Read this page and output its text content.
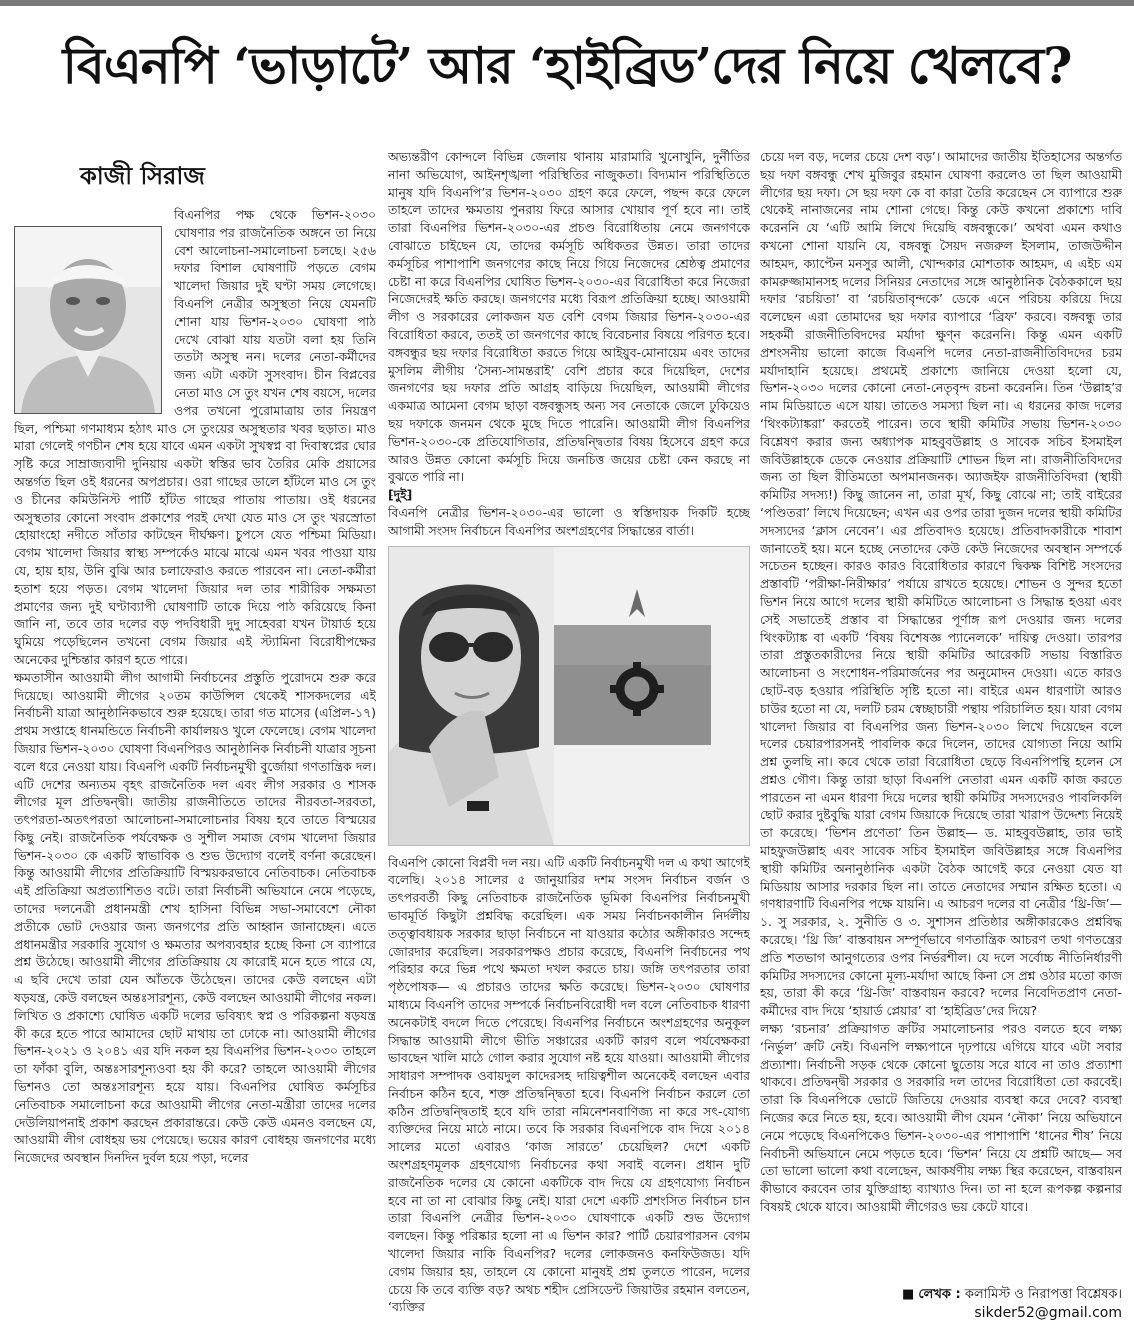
বিএনপি ‘ভাড়াটে’ আর ‘হাইব্রিড’দের নিয়ে খেলবে?
কাজী সিরাজ

বিএনপির পক্ষ থেকে ভিশন-২০৩০ ঘোষণার পর রাজনৈতিক অঙ্গনে তা নিয়ে বেশ আলোচনা-সমালোচনা চলছে। ২৫৬ দফার বিশাল ঘোষণাটি পড়তে বেগম খালেদা জিয়ার দুই ঘণ্টা সময় লেগেছে। বিএনপি নেত্রীর অসুস্থতা নিয়ে যেমনটি শোনা যায় ভিশন-২০৩০ ঘোষণা পাঠ দেখে বোঝা যায় যতটা বলা হয় তিনি ততটা অসুস্থ নন। দলের নেতা-কর্মীদের জন্য এটা একটা সুসংবাদ। চীন বিপ্লবের নেতা মাও সে তুং যখন শেষ বয়সে, দলের ওপর তখনো পুরোমাত্রায় তার নিয়ন্ত্রণ ছিল, পশ্চিমা গণমাধ্যম হঠাৎ মাও সে তুংয়ের অসুস্থতার খবর ছড়াত। মাও মারা গেলেই গণচীন শেষ হয়ে যাবে এমন একটা সুখস্বপ্ন বা দিবাস্বপ্নের ঘোর সৃষ্টি করে সাম্রাজ্যবাদী দুনিয়ায় একটা স্বস্তির ভাব তৈরির মেকি প্রয়াসের অন্তর্গত ছিল ওই ধরনের অপপ্রচার। ওরা গাছের ডালে হাঁটলে মাও সে তুং ও চীনের কমিউনিস্ট পার্টি হাঁটত গাছের পাতায় পাতায়। ওই ধরনের অসুস্থতার কোনো সংবাদ প্রকাশের পরই দেখা যেত মাও সে তুং খরস্রোতা হোয়াংহো নদীতে সাঁতার কাটছেন দীর্ঘক্ষণ। চুপসে যেত পশ্চিমা মিডিয়া। বেগম খালেদা জিয়ার স্বাস্থ্য সম্পর্কেও মাঝে মাঝে এমন খবর পাওয়া যায় যে, হায় হায়, উনি বুঝি আর চলাফেরাও করতে পারবেন না। নেতা-কর্মীরা হতাশ হয়ে পড়ত। বেগম খালেদা জিয়ার দল তার শারীরিক সক্ষমতা প্রমাণের জন্য দুই ঘণ্টাব্যাপী ঘোষণাটি তাকে দিয়ে পাঠ করিয়েছে কিনা জানি না, তবে তার দলের বড় পদবিধারী দুদু সাহেবরা যখন টায়ার্ড হয়ে ঘুমিয়ে পড়েছিলেন তখনো বেগম জিয়ার এই স্ট্যামিনা বিরোধীপক্ষের অনেকের দুশ্চিন্তার কারণ হতে পারে।

ক্ষমতাসীন আওয়ামী লীগ আগামী নির্বাচনের প্রস্তুতি পুরোদমে শুরু করে দিয়েছে। আওয়ামী লীগের ২০তম কাউন্সিল থেকেই শাসকদলের এই নির্বাচনী যাত্রা আনুষ্ঠানিকভাবে শুরু হয়েছে। তারা গত মাসের (এপ্রিল-১৭) প্রথম সপ্তাহে ধানমন্ডিতে নির্বাচনী কার্যালয়ও খুলে ফেলেছে। বেগম খালেদা জিয়ার ভিশন-২০৩০ ঘোষণা বিএনপিরও আনুষ্ঠানিক নির্বাচনী যাত্রার সূচনা বলে ধরে নেওয়া যায়। বিএনপি একটি নির্বাচনমুখী বুর্জোয়া গণতান্ত্রিক দল। এটি দেশের অন্যতম বৃহৎ রাজনৈতিক দল এবং লীগ সরকার ও শাসক লীগের মূল প্রতিদ্বন্দ্বী। জাতীয় রাজনীতিতে তাদের নীরবতা-সরবতা, তৎপরতা-অতৎপরতা আলোচনা-সমালোচনার বিষয় হবে তাতে বিস্ময়ের কিছু নেই। রাজনৈতিক পর্যবেক্ষক ও সুশীল সমাজ বেগম খালেদা জিয়ার ভিশন-২০৩০ কে একটি স্বাভাবিক ও শুভ উদ্যোগ বলেই বর্ণনা করেছেন। কিন্তু আওয়ামী লীগের প্রতিক্রিয়াটি বিস্ময়করভাবে নেতিবাচক। নেতিবাচক এই প্রতিক্রিয়া অপ্রত্যাশিতও বটে। তারা নির্বাচনী অভিযানে নেমে পড়েছে, তাদের দলনেত্রী প্রধানমন্ত্রী শেখ হাসিনা বিভিন্ন সভা-সমাবেশে নৌকা প্রতীকে ভোট দেওয়ার জন্য জনগণের প্রতি আহ্বান জানাচ্ছেন। এতে প্রধানমন্ত্রীর সরকারি সুযোগ ও ক্ষমতার অপব্যবহার হচ্ছে কিনা সে ব্যাপারে প্রশ্ন উঠেছে। আওয়ামী লীগের প্রতিক্রিয়ায় যে কারোই মনে হতে পারে যে, এ ছবি দেখে তারা যেন আঁতকে উঠেছেন। তাদের কেউ বলছেন এটা ষড়যন্ত্র, কেউ বলছেন অন্তঃসারশূন্য, কেউ বলছেন আওয়ামী লীগের নকল। লিখিত ও প্রকাশ্যে ঘোষিত একটি দলের ভবিষ্যৎ স্বপ্ন ও পরিকল্পনা ষড়যন্ত্র কী করে হতে পারে আমাদের ছোট মাথায় তা ঢোকে না। আওয়ামী লীগের ভিশন-২০২১ ও ২০৪১ এর যদি নকল হয় বিএনপির ভিশন-২০৩০ তাহলে তা ফাঁকা বুলি, অন্তঃসারশূন্যওবা হয় কী করে? তাহলে আওয়ামী লীগের ভিশনও তো অন্তঃসারশূন্য হয়ে যায়। বিএনপির ঘোষিত কর্মসূচির নেতিবাচক সমালোচনা করে আওয়ামী লীগের নেতা-মন্ত্রীরা তাদের দলের দেউলিয়াপনাই প্রকাশ করছেন প্রকারান্তরে। কেউ কেউ এমনও বলছেন যে, আওয়ামী লীগ বোধহয় ভয় পেয়েছে। ভয়ের কারণ বোধহয় জনগণের মধ্যে নিজেদের অবস্থান দিনদিন দুর্বল হয়ে পড়া, দলের

অভ্যন্তরীণ কোন্দলে বিভিন্ন জেলায় থানায় মারামারি খুনোখুনি, দুর্নীতির নানা অভিযোগ, আইনশৃঙ্খলা পরিস্থিতির নাজুকতা। বিদ্যমান পরিস্থিতিতে মানুষ যদি বিএনপি’র ভিশন-২০৩০ গ্রহণ করে ফেলে, পছন্দ করে ফেলে তাহলে তাদের ক্ষমতায় পুনরায় ফিরে আসার খোয়াব পূর্ণ হবে না। তাই তারা বিএনপির ভিশন-২০৩০-এর প্রচণ্ড বিরোধিতায় নেমে জনগণকে বোঝাতে চাইছেন যে, তাদের কর্মসূচি অধিকতর উন্নত। তারা তাদের কর্মসূচির পাশাপাশি জনগণের কাছে নিয়ে গিয়ে নিজেদের শ্রেষ্ঠত্ব প্রমাণের চেষ্টা না করে বিএনপির ঘোষিত ভিশন-২০৩০-এর বিরোধিতা করে নিজেরা নিজেদেরই ক্ষতি করছে। জনগণের মধ্যে বিরূপ প্রতিক্রিয়া হচ্ছে। আওয়ামী লীগ ও সরকারের লোকজন যত বেশি বেগম জিয়ার ভিশন-২০৩০-এর বিরোধিতা করবে, ততই তা জনগণের কাছে বিবেচনার বিষয়ে পরিণত হবে। বঙ্গবন্ধুর ছয় দফার বিরোধিতা করতে গিয়ে আইয়ুব-মোনায়েম এবং তাদের মুসলিম লীগীয় ‘সৈন্য-সামন্তরাই’ বেশি প্রচার করে দিয়েছিল, দেশের জনগণের ছয় দফার প্রতি আগ্রহ বাড়িয়ে দিয়েছিল, আওয়ামী লীগের একমাত্র আমেনা বেগম ছাড়া বঙ্গবন্ধুসহ অন্য সব নেতাকে জেলে ঢুকিয়েও ছয় দফাকে জনমন থেকে মুছে দিতে পারেনি। আওয়ামী লীগ বিএনপির ভিশন-২০৩০-কে প্রতিযোগিতার, প্রতিদ্বন্দ্বিতার বিষয় হিসেবে গ্রহণ করে আরও উন্নত কোনো কর্মসূচি দিয়ে জনচিত্ত জয়ের চেষ্টা কেন করছে না বুঝতে পারি না।

⁅দুই⁆

বিএনপি নেত্রীর ভিশন-২০৩০-এর ভালো ও স্বস্তিদায়ক দিকটি হচ্ছে আগামী সংসদ নির্বাচনে বিএনপির অংশগ্রহণের সিদ্ধান্তের বার্তা।

বিএনপি কোনো বিপ্লবী দল নয়। এটি একটি নির্বাচনমুখী দল এ কথা আগেই বলেছি। ২০১৪ সালের ৫ জানুয়ারির দশম সংসদ নির্বাচন বর্জন ও তৎপরবর্তী কিছু নেতিবাচক রাজনৈতিক ভূমিকা বিএনপির নির্বাচনমুখী ভাবমূর্তি কিছুটা প্রশ্নবিদ্ধ করেছিল। এক সময় নির্বাচনকালীন নির্দলীয় তত্ত্বাবধায়ক সরকার ছাড়া নির্বাচনে না যাওয়ার কঠোর অঙ্গীকারও সন্দেহ জোরদার করেছিল। সরকারপক্ষও প্রচার করেছে, বিএনপি নির্বাচনের পথ পরিহার করে ভিন্ন পথে ক্ষমতা দখল করতে চায়। জঙ্গি তৎপরতার তারা পৃষ্ঠপোষক— এ প্রচারও তাদের ক্ষতি করেছে। ভিশন-২০৩০ ঘোষণার মাধ্যমে বিএনপি তাদের সম্পর্কে নির্বাচনবিরোধী দল বলে নেতিবাচক ধারণা অনেকটাই বদলে দিতে পেরেছে। বিএনপির নির্বাচনে অংশগ্রহণের অনুকূল সিদ্ধান্ত আওয়ামী লীগে ভীতি সঞ্চারের একটি কারণ বলে পর্যবেক্ষকরা ভাবছেন খালি মাঠে গোল করার সুযোগ নষ্ট হয়ে যাওয়া। আওয়ামী লীগের সাধারণ সম্পাদক ওবায়দুল কাদেরসহ দায়িত্বশীল অনেকেই বলছেন এবার নির্বাচন কঠিন হবে, শক্ত প্রতিদ্বন্দ্বিতা হবে। বিএনপি নির্বাচন করলে তো কঠিন প্রতিদ্বন্দ্বিতাই হবে যদি তারা নমিনেশনবাণিজ্য না করে সৎ-যোগ্য ব্যক্তিদের নিয়ে মাঠে নামে। তবে কি সরকার বিএনপিকে বাদ দিয়ে ২০১৪ সালের মতো এবারও ‘কাজ সারতে’ চেয়েছিল? দেশে একটি অংশগ্রহণমূলক গ্রহণযোগ্য নির্বাচনের কথা সবাই বলেন। প্রধান দুটি রাজনৈতিক দলের যে কোনো একটিকে বাদ দিয়ে যে গ্রহণযোগ্য নির্বাচন হবে না তা না বোঝার কিছু নেই। যারা দেশে একটি প্রশংসিত নির্বাচন চান তারা বিএনপি নেত্রীর ভিশন-২০৩০ ঘোষণাকে একটি শুভ উদ্যোগ বলছেন। কিন্তু পরিষ্কার হলো না এ ভিশন কার? পার্টি চেয়ারপারসন বেগম খালেদা জিয়ার নাকি বিএনপির? দলের লোকজনও কনফিউজড। যদি বেগম জিয়ার হয়, তাহলে যে কোনো মানুষই প্রশ্ন তুলতে পারেন, দলের চেয়ে কি তবে ব্যক্তি বড়? অথচ শহীদ প্রেসিডেন্ট জিয়াউর রহমান বলতেন, ‘ব্যক্তির

চেয়ে দল বড়, দলের চেয়ে দেশ বড়’। আমাদের জাতীয় ইতিহাসের অন্তর্গত ছয় দফা বঙ্গবন্ধু শেখ মুজিবুর রহমান ঘোষণা করলেও তা ছিল আওয়ামী লীগের ছয় দফা। সে ছয় দফা কে বা কারা তৈরি করেছেন সে ব্যাপারে শুরু থেকেই নানাজনের নাম শোনা গেছে। কিন্তু কেউ কখনো প্রকাশ্যে দাবি করেননি যে ‘এটি আমি লিখে দিয়েছি বঙ্গবন্ধুকে।’ অথবা এমন কথাও কখনো শোনা যায়নি যে, বঙ্গবন্ধু সৈয়দ নজরুল ইসলাম, তাজউদ্দীন আহমদ, ক্যাপ্টেন মনসুর আলী, খোন্দকার মোশতাক আহমদ, এ এইচ এম কামরুজ্জামানসহ দলের সিনিয়র নেতাদের সঙ্গে আনুষ্ঠানিক বৈঠককালে ছয় দফার ‘রচয়িতা’ বা ‘রচয়িতাবৃন্দকে’ ডেকে এনে পরিচয় করিয়ে দিয়ে বলেছেন এরা তোমাদের ছয় দফার ব্যাপারে ‘ব্রিফ’ করবে। বঙ্গবন্ধু তার সহকর্মী রাজনীতিবিদদের মর্যাদা ক্ষুণ্ন করেননি। কিন্তু এমন একটি প্রশংসনীয় ভালো কাজে বিএনপি দলের নেতা-রাজনীতিবিদদের চরম মর্যাদাহানি হয়েছে। প্রথমেই প্রকাশ্যে জানিয়ে দেওয়া হলো যে, ভিশন-২০৩০ দলের কোনো নেতা-নেতৃবৃন্দ রচনা করেননি। তিন ‘উল্লাহ’র নাম মিডিয়াতে এসে যায়। তাতেও সমস্যা ছিল না। এ ধরনের কাজ দলের ‘থিংকট্যাঙ্করা’ করতেই পারেন। তবে স্থায়ী কমিটির সভায় ভিশন-২০৩০ বিশ্লেষণ করার জন্য অধ্যাপক মাহবুবউল্লাহ ও সাবেক সচিব ইসমাইল জবিউল্লাহকে ডেকে নেওয়ার প্রক্রিয়াটি শোভন ছিল না। রাজনীতিবিদদের জন্য তা ছিল রীতিমতো অপমানজনক। অ্যাজইফ রাজনীতিবিদরা (স্থায়ী কমিটির সদস্য!) কিছু জানেন না, তারা মূর্খ, কিছু বোঝে না; তাই বাইরের ‘পণ্ডিতরা’ লিখে দিয়েছেন; এখন এর ওপর তারা দুজন দলের স্থায়ী কমিটির সদস্যদের ‘ক্লাস নেবেন’। এর প্রতিবাদও হয়েছে। প্রতিবাদকারীকে শাবাশ জানাতেই হয়। মনে হচ্ছে নেতাদের কেউ কেউ নিজেদের অবস্থান সম্পর্কে সচেতন হচ্ছেন। কারও কারও বিরোধিতার কারণে দ্বিকক্ষ বিশিষ্ট সংসদের প্রস্তাবটি ‘পরীক্ষা-নিরীক্ষার’ পর্যায়ে রাখতে হয়েছে। শোভন ও সুন্দর হতো ভিশন নিয়ে আগে দলের স্থায়ী কমিটিতে আলোচনা ও সিদ্ধান্ত হওয়া এবং সেই সভাতেই প্রস্তাব বা সিদ্ধান্তের পূর্ণাঙ্গ রূপ দেওয়ার জন্য দলের থিংকট্যাঙ্ক বা একটি ‘বিষয় বিশেষজ্ঞ প্যানেলকে’ দায়িত্ব দেওয়া। তারপর তারা প্রস্তুতকারীদের নিয়ে স্থায়ী কমিটির আরেকটি সভায় বিস্তারিত আলোচনা ও সংশোধন-পরিমার্জনের পর অনুমোদন দেওয়া। এতে কারও ছোট-বড় হওয়ার পরিস্থিতি সৃষ্টি হতো না। বাইরে এমন ধারণাটা আরও চাউর হতো না যে, দলটি চরম স্বেচ্ছাচারী পন্থায় পরিচালিত হয়। যারা বেগম খালেদা জিয়ার বা বিএনপির জন্য ভিশন-২০৩০ লিখে দিয়েছেন বলে দলের চেয়ারপারসনই পাবলিক করে দিলেন, তাদের যোগ্যতা নিয়ে আমি প্রশ্ন তুলছি না। কবে থেকে তারা বিরোধিতা ছেড়ে বিএনপিপন্থি হলেন সে প্রশ্নও গৌণ। কিন্তু তারা ছাড়া বিএনপি নেতারা এমন একটি কাজ করতে পারতেন না এমন ধারণা দিয়ে দলের স্থায়ী কমিটির সদস্যদেরও পাবলিকলি ছোট করার দুষ্টবুদ্ধি যারা বেগম জিয়াকে দিয়েছে তারা খারাপ উদ্দেশ্য নিয়েই তা করেছে। ‘ভিশন প্রণেতা’ তিন উল্লাহ— ড. মাহবুবউল্লাহ, তার ভাই মাহফুজউল্লাহ এবং সাবেক সচিব ইসমাইল জবিউল্লাহর সঙ্গে বিএনপির স্থায়ী কমিটির অনানুষ্ঠানিক একটা বৈঠক আগেই করে নেওয়া যেত যা মিডিয়ায় আসার দরকার ছিল না। তাতে নেতাদের সম্মান রক্ষিত হতো। এ গণধারণাটি বিএনপির পক্ষে যায়নি। এ আচরণ দলের বা নেত্রীর ‘থ্রি-জি’— ১. সু সরকার, ২. সুনীতি ও ৩. সুশাসন প্রতিষ্ঠার অঙ্গীকারকেও প্রশ্নবিদ্ধ করেছে। ‘থ্রি জি’ বাস্তবায়ন সম্পূর্ণভাবে গণতান্ত্রিক আচরণ তথা গণতন্ত্রের প্রতি শতভাগ আনুগত্যের ওপর নির্ভরশীল। যে দলে সর্বোচ্চ নীতিনির্ধারণী কমিটির সদস্যদের কোনো মূল্য-মর্যাদা আছে কিনা সে প্রশ্ন ওঠার মতো কাজ হয়, তারা কী করে ‘থ্রি-জি’ বাস্তবায়ন করবে? দলের নিবেদিতপ্রাণ নেতা-কর্মীদের বাদ দিয়ে ‘হায়ার্ড প্লেয়ার’ বা ‘হাইব্রিড’দের দিয়ে?

লক্ষ্য ‘রচনার’ প্রক্রিয়াগত ক্রটির সমালোচনার পরও বলতে হবে লক্ষ্য ‘নির্ভুল’ ক্রটি নেই। বিএনপি লক্ষ্যপানে দৃঢ়পায়ে এগিয়ে যাবে এটা সবার প্রত্যাশা। নির্বাচনী সড়ক থেকে কোনো ছুতোয় সরে যাবে না তাও প্রত্যাশা থাকবে। প্রতিদ্বন্দ্বী সরকার ও সরকারি দল তাদের বিরোধিতা তো করবেই। তারা কি বিএনপিকে ভোটে জিতিয়ে দেওয়ার ব্যবস্থা করে দেবে? ব্যবস্থা নিজের করে নিতে হয়, হবে। আওয়ামী লীগ যেমন ‘নৌকা’ নিয়ে অভিযানে নেমে পড়েছে বিএনপিকেও ভিশন-২০৩০-এর পাশাপাশি ‘ধানের শীষ’ নিয়ে নির্বাচনী অভিযানে নেমে পড়তে হবে। ‘ভিশন’ নিয়ে যে প্রশ্নটি আছে— সব তো ভালো ভালো কথা বলেছেন, আকর্ষণীয় লক্ষ্য স্থির করেছেন, বাস্তবায়ন কীভাবে করবেন তার যুক্তিগ্রাহ্য ব্যাখ্যাও দিন। তা না হলে রূপকল্প কল্পনার বিষয়ই থেকে যাবে। আওয়ামী লীগেরও ভয় কেটে যাবে।

■ লেখক : কলামিস্ট ও নিরাপত্তা বিশ্লেষক।
sikder52@gmail.com
